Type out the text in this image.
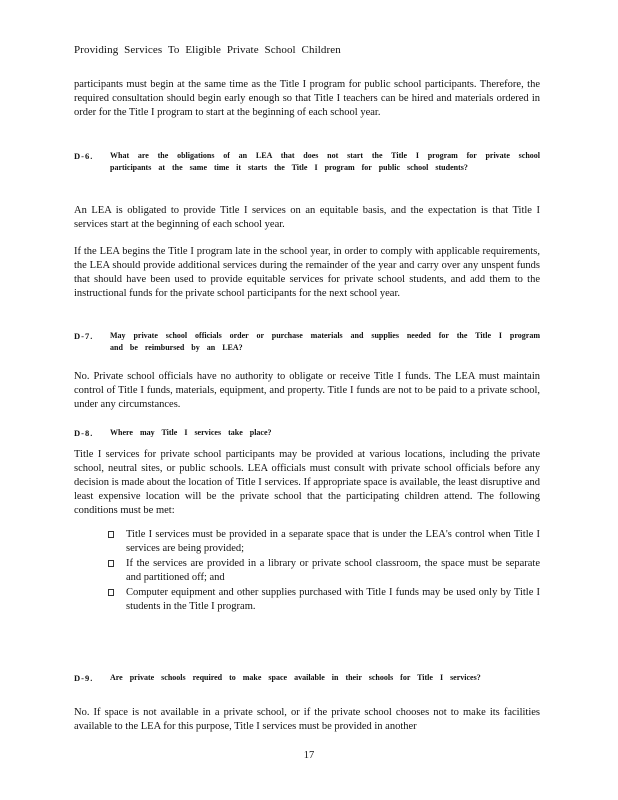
Providing Services To Eligible Private School Children
participants must begin at the same time as the Title I program for public school participants. Therefore, the required consultation should begin early enough so that Title I teachers can be hired and materials ordered in order for the Title I program to start at the beginning of each school year.
D-6. What are the obligations of an LEA that does not start the Title I program for private school participants at the same time it starts the Title I program for public school students?
An LEA is obligated to provide Title I services on an equitable basis, and the expectation is that Title I services start at the beginning of each school year.
If the LEA begins the Title I program late in the school year, in order to comply with applicable requirements, the LEA should provide additional services during the remainder of the year and carry over any unspent funds that should have been used to provide equitable services for private school students, and add them to the instructional funds for the private school participants for the next school year.
D-7. May private school officials order or purchase materials and supplies needed for the Title I program and be reimbursed by an LEA?
No. Private school officials have no authority to obligate or receive Title I funds. The LEA must maintain control of Title I funds, materials, equipment, and property. Title I funds are not to be paid to a private school, under any circumstances.
D-8. Where may Title I services take place?
Title I services for private school participants may be provided at various locations, including the private school, neutral sites, or public schools. LEA officials must consult with private school officials before any decision is made about the location of Title I services. If appropriate space is available, the least disruptive and least expensive location will be the private school that the participating children attend. The following conditions must be met:
Title I services must be provided in a separate space that is under the LEA's control when Title I services are being provided;
If the services are provided in a library or private school classroom, the space must be separate and partitioned off; and
Computer equipment and other supplies purchased with Title I funds may be used only by Title I students in the Title I program.
D-9. Are private schools required to make space available in their schools for Title I services?
No. If space is not available in a private school, or if the private school chooses not to make its facilities available to the LEA for this purpose, Title I services must be provided in another
17
